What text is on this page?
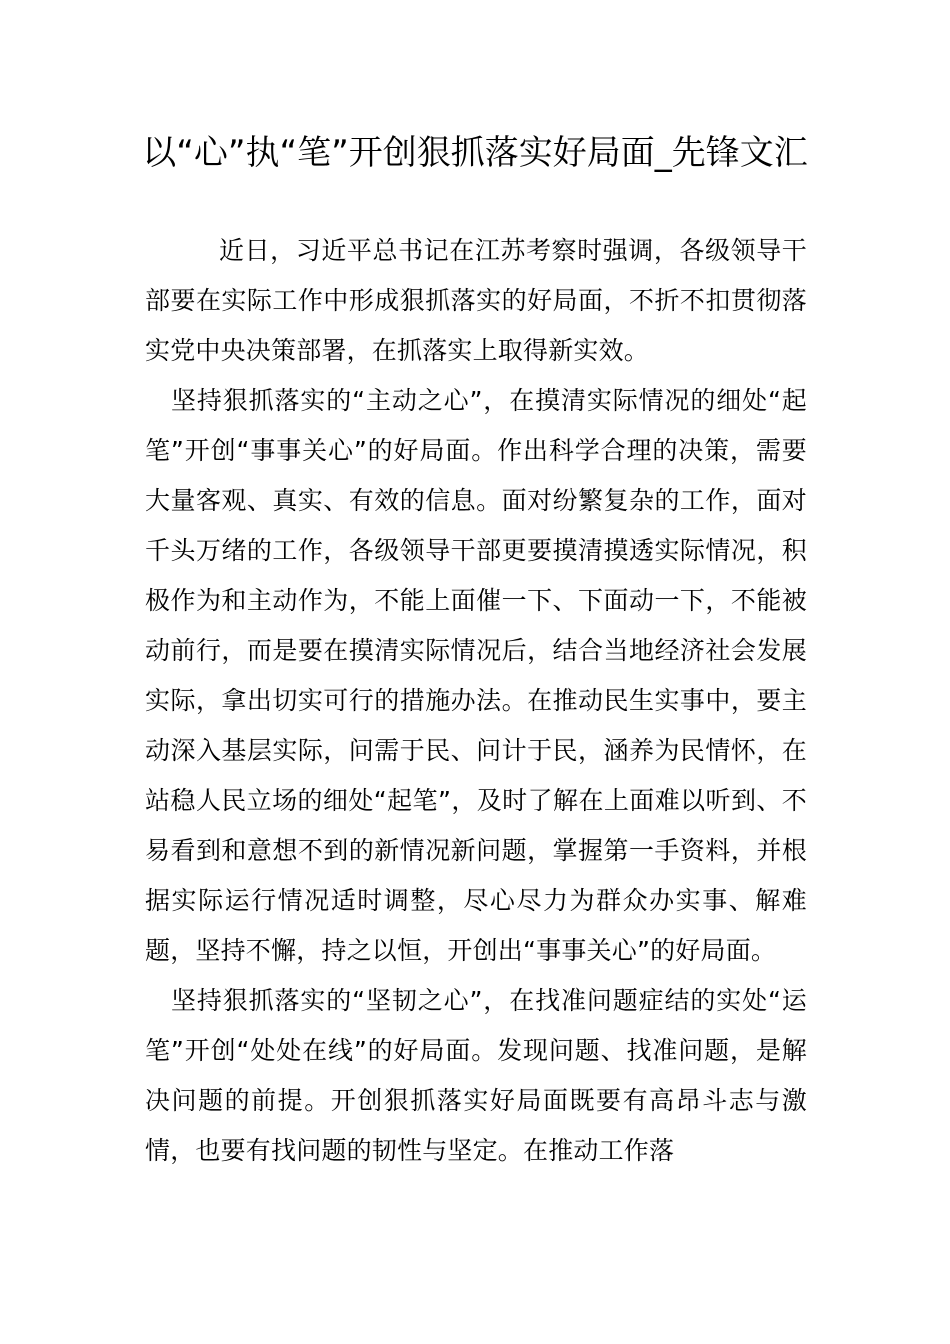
以“心”执“笔”开创狠抓落实好局面_先锋文汇

近日，习近平总书记在江苏考察时强调，各级领导干部要在实际工作中形成狠抓落实的好局面，不折不扣贯彻落实党中央决策部署，在抓落实上取得新实效。

坚持狠抓落实的“主动之心”，在摸清实际情况的细处“起笔”开创“事事关心”的好局面。作出科学合理的决策，需要大量客观、真实、有效的信息。面对纷繁复杂的工作，面对千头万绪的工作，各级领导干部更要摸清摸透实际情况，积极作为和主动作为，不能上面催一下、下面动一下，不能被动前行，而是要在摸清实际情况后，结合当地经济社会发展实际，拿出切实可行的措施办法。在推动民生实事中，要主动深入基层实际，问需于民、问计于民，涵养为民情怀，在站稳人民立场的细处“起笔”，及时了解在上面难以听到、不易看到和意想不到的新情况新问题，掌握第一手资料，并根据实际运行情况适时调整，尽心尽力为群众办实事、解难题，坚持不懈，持之以恒，开创出“事事关心”的好局面。

坚持狠抓落实的“坚韧之心”，在找准问题症结的实处“运笔”开创“处处在线”的好局面。发现问题、找准问题，是解决问题的前提。开创狠抓落实好局面既要有高昂斗志与激情，也要有找问题的韧性与坚定。在推动工作落
